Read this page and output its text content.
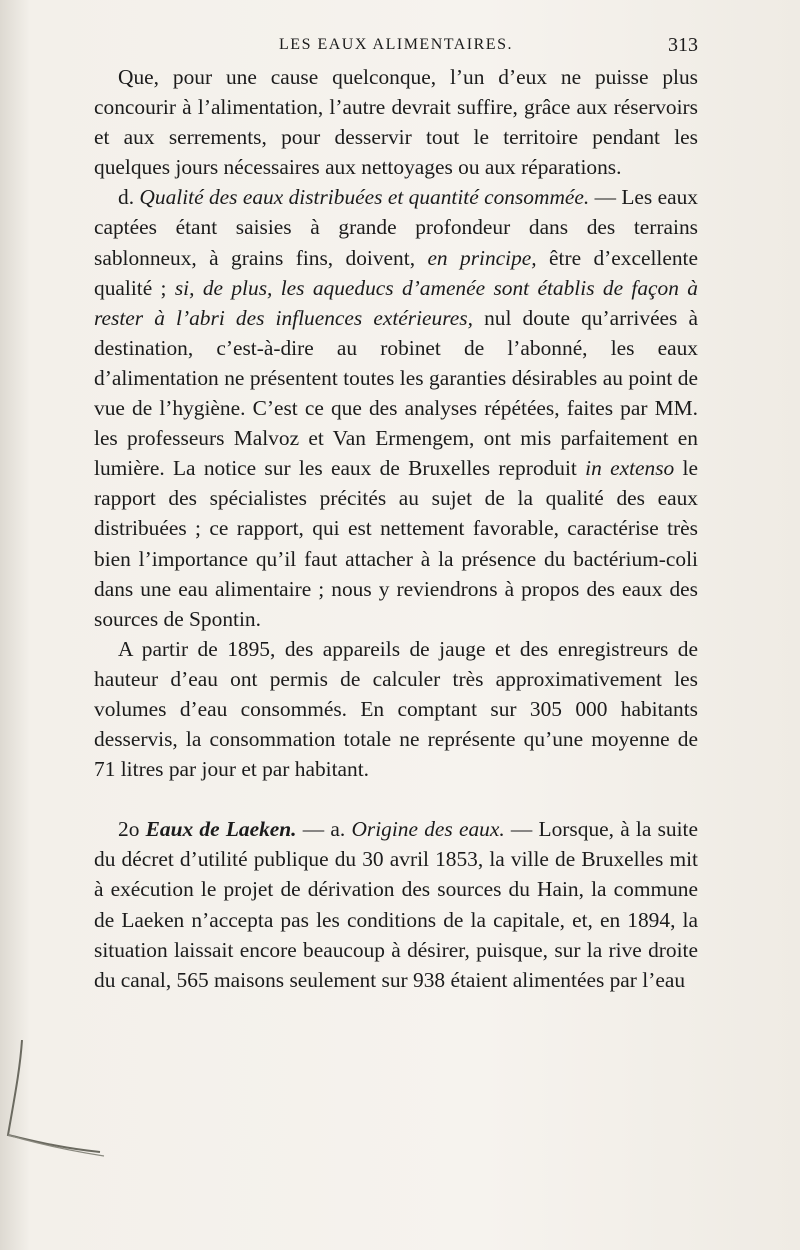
LES EAUX ALIMENTAIRES.	313

Que, pour une cause quelconque, l’un d’eux ne puisse plus concourir à l’alimentation, l’autre devrait suffire, grâce aux réservoirs et aux serrements, pour desservir tout le territoire pendant les quelques jours nécessaires aux nettoyages ou aux réparations.

d. Qualité des eaux distribuées et quantité consommée. — Les eaux captées étant saisies à grande profondeur dans des terrains sablonneux, à grains fins, doivent, en principe, être d’excellente qualité ; si, de plus, les aqueducs d’amenée sont établis de façon à rester à l’abri des influences extérieures, nul doute qu’arrivées à destination, c’est-à-dire au robinet de l’abonné, les eaux d’alimentation ne présentent toutes les garanties désirables au point de vue de l’hygiène. C’est ce que des analyses répétées, faites par MM. les professeurs Malvoz et Van Ermengem, ont mis parfaitement en lumière. La notice sur les eaux de Bruxelles reproduit in extenso le rapport des spécialistes précités au sujet de la qualité des eaux distribuées ; ce rapport, qui est nettement favorable, caractérise très bien l’importance qu’il faut attacher à la présence du bactérium-coli dans une eau alimentaire ; nous y reviendrons à propos des eaux des sources de Spontin.

A partir de 1895, des appareils de jauge et des enregistreurs de hauteur d’eau ont permis de calculer très approximativement les volumes d’eau consommés. En comptant sur 305 000 habitants desservis, la consommation totale ne représente qu’une moyenne de 71 litres par jour et par habitant.

2o Eaux de Laeken. — a. Origine des eaux. — Lorsque, à la suite du décret d’utilité publique du 30 avril 1853, la ville de Bruxelles mit à exécution le projet de dérivation des sources du Hain, la commune de Laeken n’accepta pas les conditions de la capitale, et, en 1894, la situation laissait encore beaucoup à désirer, puisque, sur la rive droite du canal, 565 maisons seulement sur 938 étaient alimentées par l’eau
